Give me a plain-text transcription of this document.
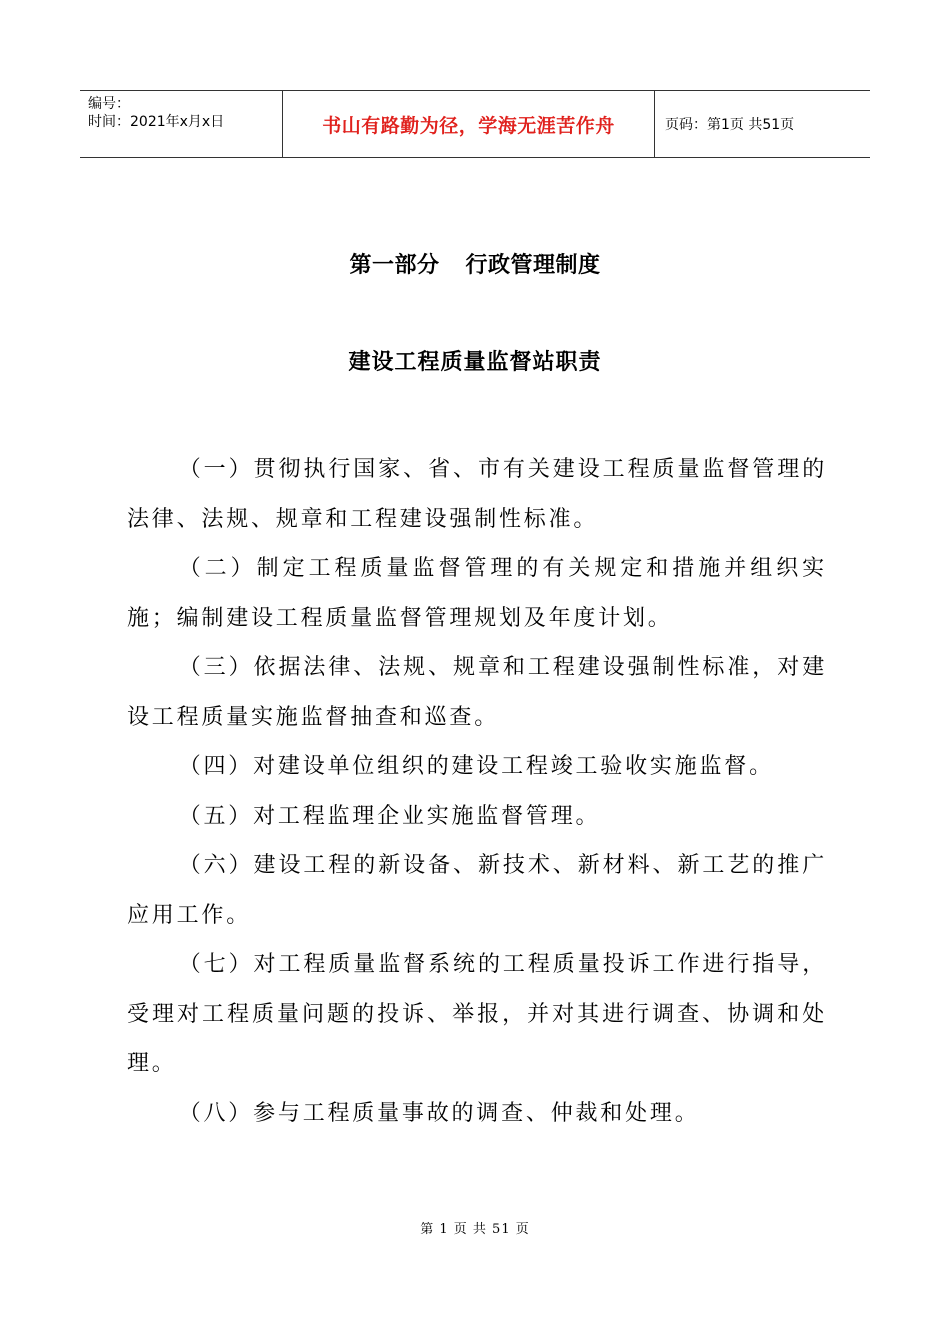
编号：
时间：2021年x月x日	书山有路勤为径，学海无涯苦作舟	页码：第1页 共51页
第一部分 行政管理制度
建设工程质量监督站职责

（一）贯彻执行国家、省、市有关建设工程质量监督管理的法律、法规、规章和工程建设强制性标准。

（二）制定工程质量监督管理的有关规定和措施并组织实施；编制建设工程质量监督管理规划及年度计划。

（三）依据法律、法规、规章和工程建设强制性标准，对建设工程质量实施监督抽查和巡查。

（四）对建设单位组织的建设工程竣工验收实施监督。

（五）对工程监理企业实施监督管理。

（六）建设工程的新设备、新技术、新材料、新工艺的推广应用工作。

（七）对工程质量监督系统的工程质量投诉工作进行指导，受理对工程质量问题的投诉、举报，并对其进行调查、协调和处理。

（八）参与工程质量事故的调查、仲裁和处理。

第 1 页 共 51 页
